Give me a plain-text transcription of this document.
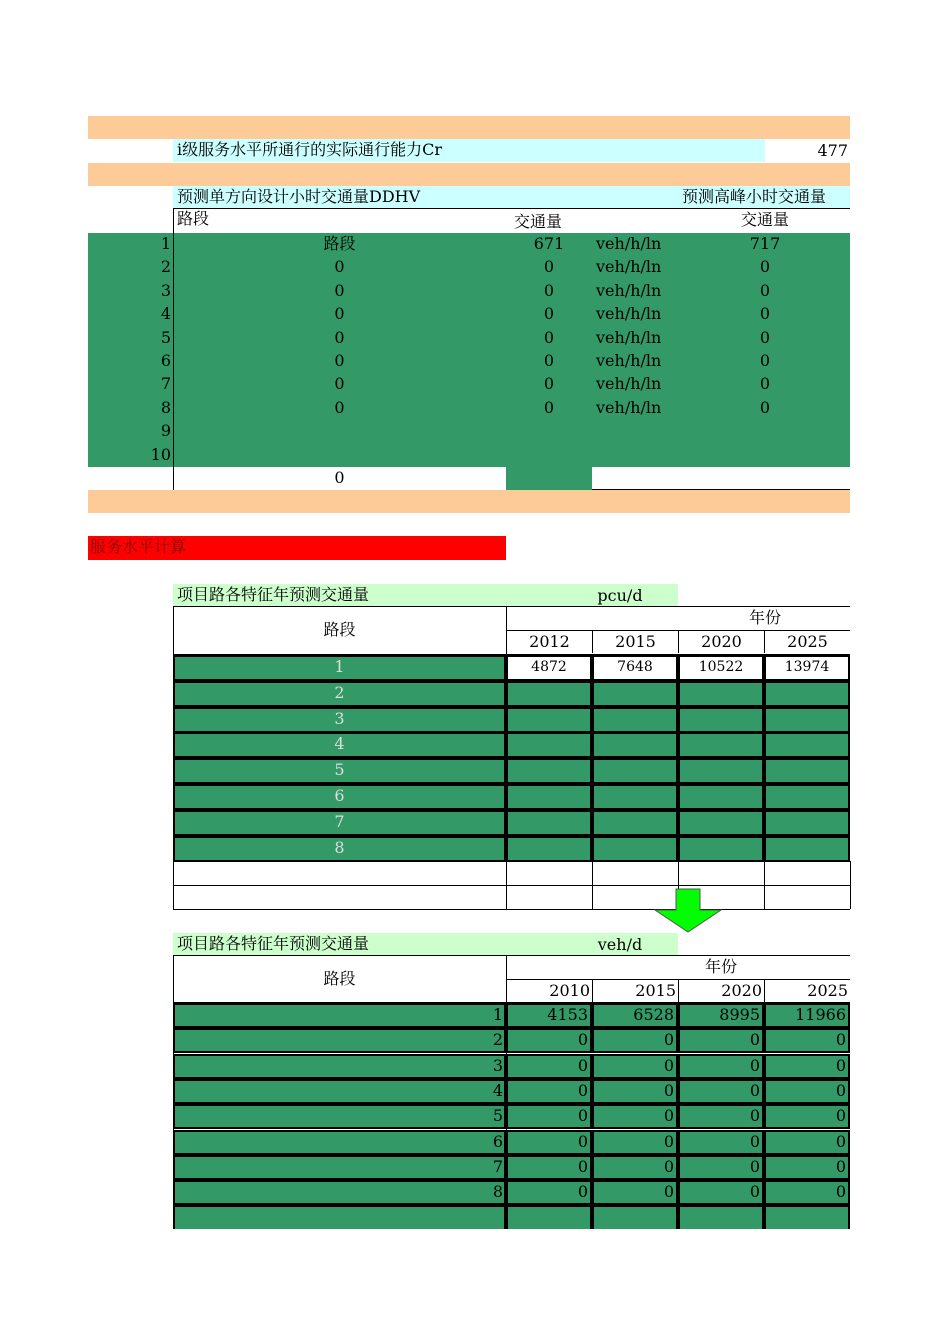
i级服务水平所通行的实际通行能力Cr	477
预测单方向设计小时交通量DDHV	预测高峰小时交通量
路段	交通量	交通量
1	路段	671	veh/h/ln	717
2	0	0	veh/h/ln	0
3	0	0	veh/h/ln	0
4	0	0	veh/h/ln	0
5	0	0	veh/h/ln	0
6	0	0	veh/h/ln	0
7	0	0	veh/h/ln	0
8	0	0	veh/h/ln	0
9
10
0
服务水平计算
项目路各特征年预测交通量	pcu/d
路段
年份
2012	2015	2020	2025
1	4872	7648	10522	13974
2
3
4
5
6
7
8
项目路各特征年预测交通量	veh/d
路段
年份
2010	2015	2020	2025
1	4153	6528	8995	11966
2	0	0	0	0
3	0	0	0	0
4	0	0	0	0
5	0	0	0	0
6	0	0	0	0
7	0	0	0	0
8	0	0	0	0
